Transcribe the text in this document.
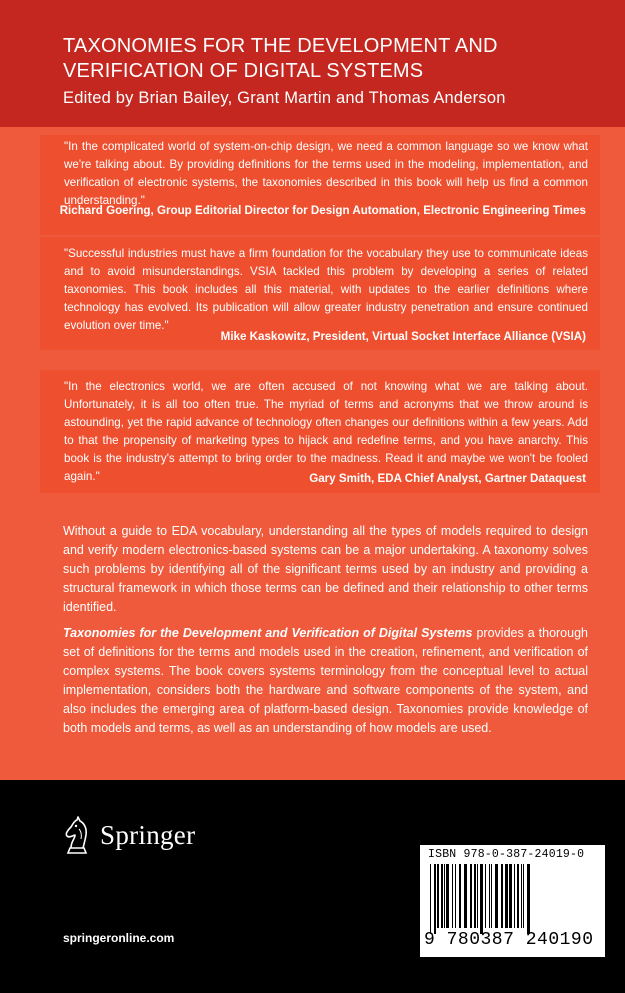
TAXONOMIES FOR THE DEVELOPMENT AND
VERIFICATION OF DIGITAL SYSTEMS
Edited by Brian Bailey, Grant Martin and Thomas Anderson
"In the complicated world of system-on-chip design, we need a common language so we know what we're talking about. By providing definitions for the terms used in the modeling, implementation, and verification of electronic systems, the taxonomies described in this book will help us find a common understanding."
Richard Goering, Group Editorial Director for Design Automation, Electronic Engineering Times
"Successful industries must have a firm foundation for the vocabulary they use to communicate ideas and to avoid misunderstandings. VSIA tackled this problem by developing a series of related taxonomies. This book includes all this material, with updates to the earlier definitions where technology has evolved. Its publication will allow greater industry penetration and ensure continued evolution over time."
Mike Kaskowitz, President, Virtual Socket Interface Alliance (VSIA)
"In the electronics world, we are often accused of not knowing what we are talking about. Unfortunately, it is all too often true. The myriad of terms and acronyms that we throw around is astounding, yet the rapid advance of technology often changes our definitions within a few years. Add to that the propensity of marketing types to hijack and redefine terms, and you have anarchy. This book is the industry's attempt to bring order to the madness. Read it and maybe we won't be fooled again."	Gary Smith, EDA Chief Analyst, Gartner Dataquest
Without a guide to EDA vocabulary, understanding all the types of models required to design and verify modern electronics-based systems can be a major undertaking. A taxonomy solves such problems by identifying all of the significant terms used by an industry and providing a structural framework in which those terms can be defined and their relationship to other terms identified.
Taxonomies for the Development and Verification of Digital Systems provides a thorough set of definitions for the terms and models used in the creation, refinement, and verification of complex systems. The book covers systems terminology from the conceptual level to actual implementation, considers both the hardware and software components of the system, and also includes the emerging area of platform-based design. Taxonomies provide knowledge of both models and terms, as well as an understanding of how models are used.
Springer
springeronline.com
ISBN 978-0-387-24019-0
9 780387 240190
